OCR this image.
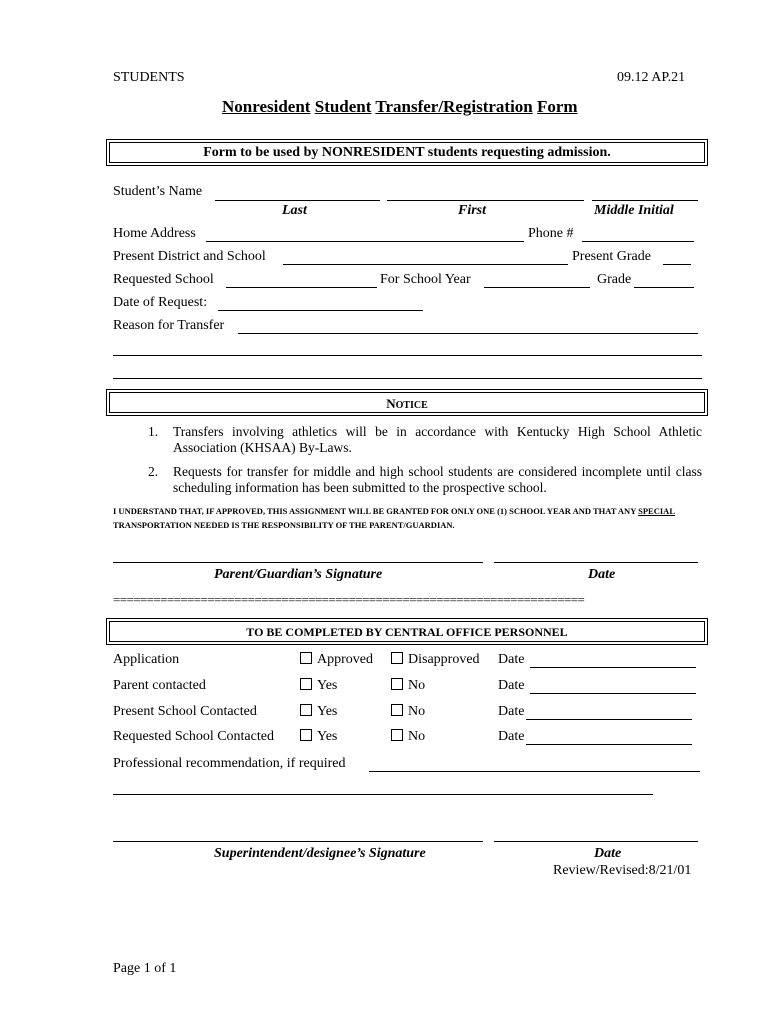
STUDENTS	09.12 AP.21
Nonresident Student Transfer/Registration Form
Form to be used by NONRESIDENT students requesting admission.
Student’s Name
Last	First	Middle Initial
Home Address	Phone #
Present District and School	Present Grade
Requested School	For School Year	Grade
Date of Request:
Reason for Transfer
NOTICE
1. Transfers involving athletics will be in accordance with Kentucky High School Athletic Association (KHSAA) By-Laws.
2. Requests for transfer for middle and high school students are considered incomplete until class scheduling information has been submitted to the prospective school.
I UNDERSTAND THAT, IF APPROVED, THIS ASSIGNMENT WILL BE GRANTED FOR ONLY ONE (1) SCHOOL YEAR AND THAT ANY SPECIAL
TRANSPORTATION NEEDED IS THE RESPONSIBILITY OF THE PARENT/GUARDIAN.
Parent/Guardian’s Signature	Date
======================================================================
TO BE COMPLETED BY CENTRAL OFFICE PERSONNEL
Application	Approved	Disapproved Date
Parent contacted	Yes	No	Date
Present School Contacted	Yes	No	Date
Requested School Contacted	Yes	No	Date
Professional recommendation, if required
Superintendent/designee’s Signature	Date
Review/Revised:8/21/01
Page 1 of 1
